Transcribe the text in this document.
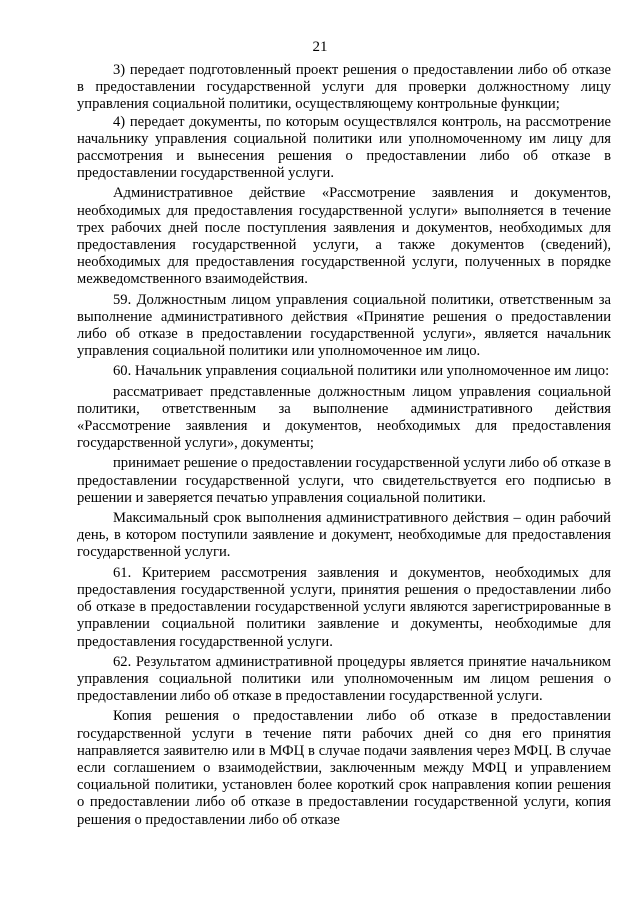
21

3) передает подготовленный проект решения о предоставлении либо об отказе в предоставлении государственной услуги для проверки должностному лицу управления социальной политики, осуществляющему контрольные функции;

4) передает документы, по которым осуществлялся контроль, на рассмотрение начальнику управления социальной политики или уполномоченному им лицу для рассмотрения и вынесения решения о предоставлении либо об отказе в предоставлении государственной услуги.

Административное действие «Рассмотрение заявления и документов, необходимых для предоставления государственной услуги» выполняется в течение трех рабочих дней после поступления заявления и документов, необходимых для предоставления государственной услуги, а также документов (сведений), необходимых для предоставления государственной услуги, полученных в порядке межведомственного взаимодействия.

59. Должностным лицом управления социальной политики, ответственным за выполнение административного действия «Принятие решения о предоставлении либо об отказе в предоставлении государственной услуги», является начальник управления социальной политики или уполномоченное им лицо.

60. Начальник управления социальной политики или уполномоченное им лицо:

рассматривает представленные должностным лицом управления социальной политики, ответственным за выполнение административного действия «Рассмотрение заявления и документов, необходимых для предоставления государственной услуги», документы;

принимает решение о предоставлении государственной услуги либо об отказе в предоставлении государственной услуги, что свидетельствуется его подписью в решении и заверяется печатью управления социальной политики.

Максимальный срок выполнения административного действия – один рабочий день, в котором поступили заявление и документ, необходимые для предоставления государственной услуги.

61. Критерием рассмотрения заявления и документов, необходимых для предоставления государственной услуги, принятия решения о предоставлении либо об отказе в предоставлении государственной услуги являются зарегистрированные в управлении социальной политики заявление и документы, необходимые для предоставления государственной услуги.

62. Результатом административной процедуры является принятие начальником управления социальной политики или уполномоченным им лицом решения о предоставлении либо об отказе в предоставлении государственной услуги.

Копия решения о предоставлении либо об отказе в предоставлении государственной услуги в течение пяти рабочих дней со дня его принятия направляется заявителю или в МФЦ в случае подачи заявления через МФЦ. В случае если соглашением о взаимодействии, заключенным между МФЦ и управлением социальной политики, установлен более короткий срок направления копии решения о предоставлении либо об отказе в предоставлении государственной услуги, копия решения о предоставлении либо об отказе
